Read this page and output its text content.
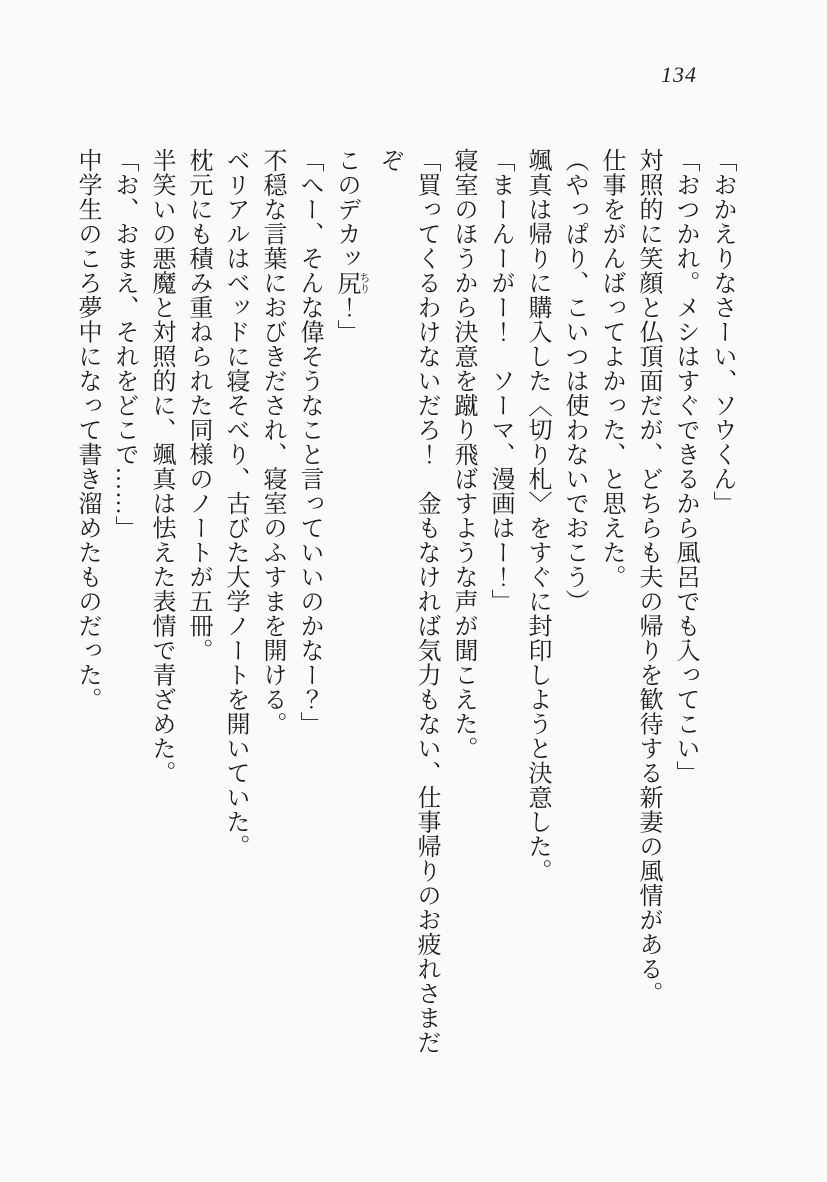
134

「おかえりなさーい、ソウくん」

「おつかれ。メシはすぐできるから風呂でも入ってこい」

対照的に笑顔と仏頂面だが、どちらも夫の帰りを歓待する新妻の風情がある。

仕事をがんばってよかった、と思えた。

（やっぱり、こいつは使わないでおこう）

颯真は帰りに購入した〈切り札〉をすぐに封印しようと決意した。

「まーんーがー！　ソーマ、漫画はー！」

寝室のほうから決意を蹴り飛ばすような声が聞こえた。

「買ってくるわけないだろ！　金もなければ気力もない、仕事帰りのお疲れさまだぞ

このデカッ尻 ちり！」

「へー、そんな偉そうなこと言っていいのかなー？」

不穏な言葉におびきだされ、寝室のふすまを開ける。

ベリアルはベッドに寝そべり、古びた大学ノートを開いていた。

枕元にも積み重ねられた同様のノートが五冊。

半笑いの悪魔と対照的に、颯真は怯えた表情で青ざめた。

「お、おまえ、それをどこで……」

中学生のころ夢中になって書き溜めたものだった。
